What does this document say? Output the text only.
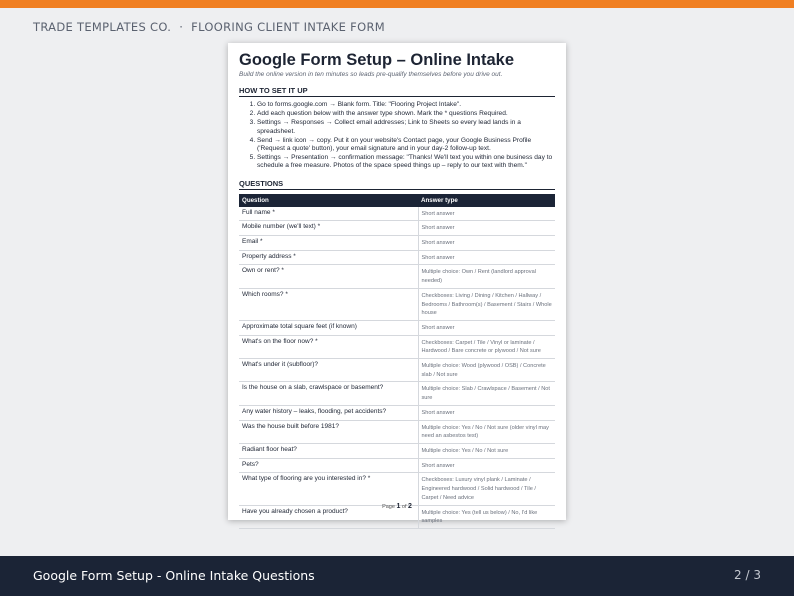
TRADE TEMPLATES CO. · FLOORING CLIENT INTAKE FORM
Google Form Setup – Online Intake
Build the online version in ten minutes so leads pre-qualify themselves before you drive out.
HOW TO SET IT UP
1. Go to forms.google.com → Blank form. Title: "Flooring Project Intake".
2. Add each question below with the answer type shown. Mark the * questions Required.
3. Settings → Responses → Collect email addresses; Link to Sheets so every lead lands in a spreadsheet.
4. Send → link icon → copy. Put it on your website's Contact page, your Google Business Profile ('Request a quote' button), your email signature and in your day-2 follow-up text.
5. Settings → Presentation → confirmation message: "Thanks! We'll text you within one business day to schedule a free measure. Photos of the space speed things up – reply to our text with them."
QUESTIONS
Question	Answer type
Full name *	Short answer
Mobile number (we'll text) *	Short answer
Email *	Short answer
Property address *	Short answer
Own or rent? *	Multiple choice: Own / Rent (landlord approval needed)
Which rooms? *	Checkboxes: Living / Dining / Kitchen / Hallway / Bedrooms / Bathroom(s) / Basement / Stairs / Whole house
Approximate total square feet (if known)	Short answer
What's on the floor now? *	Checkboxes: Carpet / Tile / Vinyl or laminate / Hardwood / Bare concrete or plywood / Not sure
What's under it (subfloor)?	Multiple choice: Wood (plywood / OSB) / Concrete slab / Not sure
Is the house on a slab, crawlspace or basement?	Multiple choice: Slab / Crawlspace / Basement / Not sure
Any water history – leaks, flooding, pet accidents?	Short answer
Was the house built before 1981?	Multiple choice: Yes / No / Not sure (older vinyl may need an asbestos test)
Radiant floor heat?	Multiple choice: Yes / No / Not sure
Pets?	Short answer
What type of flooring are you interested in? *	Checkboxes: Luxury vinyl plank / Laminate / Engineered hardwood / Solid hardwood / Tile / Carpet / Need advice
Have you already chosen a product?	Multiple choice: Yes (tell us below) / No, I'd like samples
Page 1 of 2
Google Form Setup - Online Intake Questions	2 / 3
